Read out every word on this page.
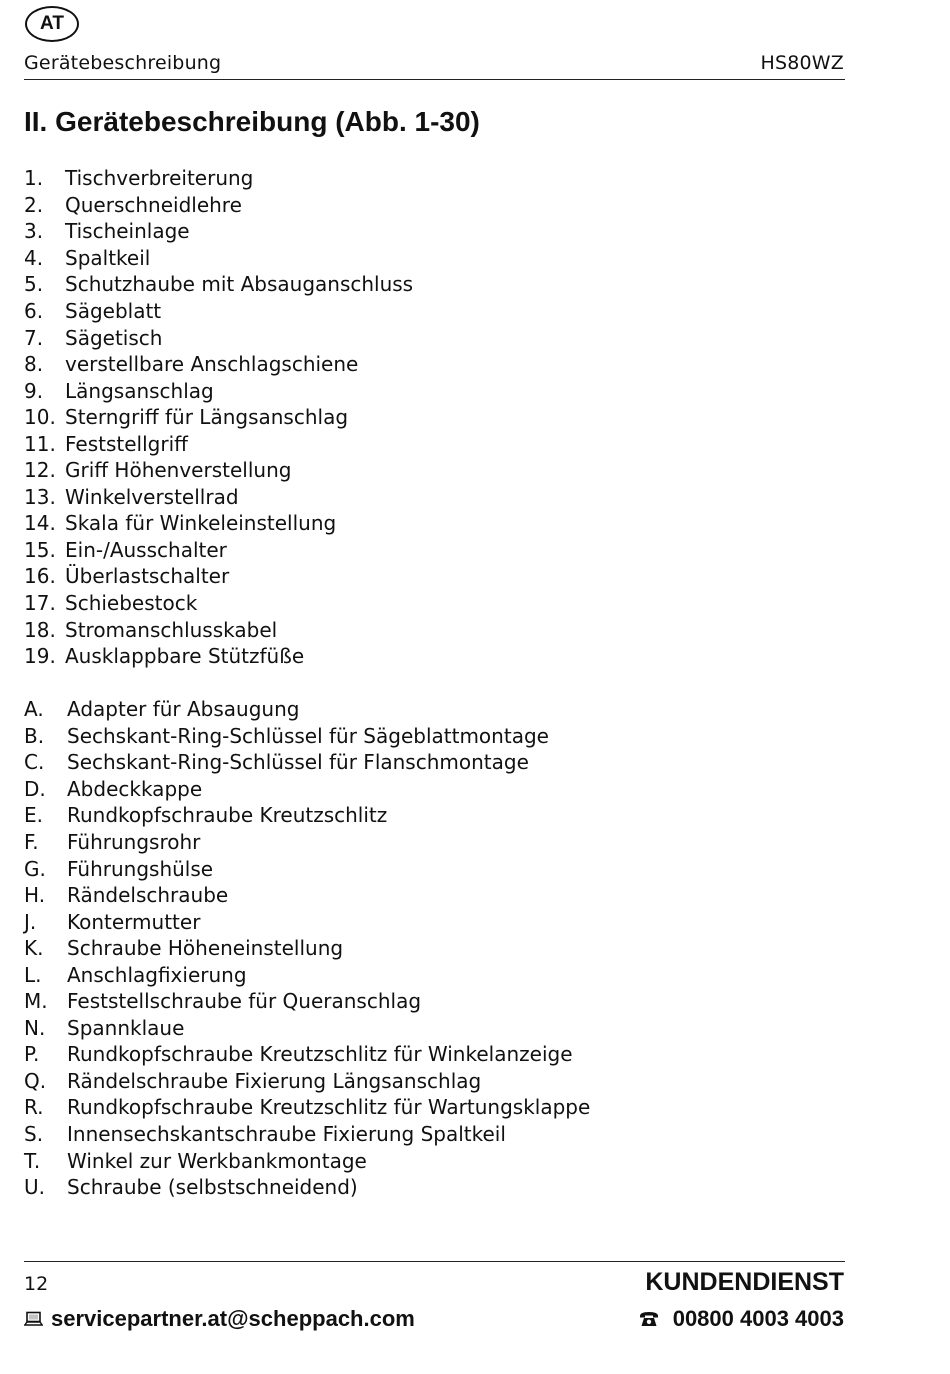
AT
Gerätebeschreibung	HS80WZ
II. Gerätebeschreibung (Abb. 1-30)
1.	Tischverbreiterung
2.	Querschneidlehre
3.	Tischeinlage
4.	Spaltkeil
5.	Schutzhaube mit Absauganschluss
6.	Sägeblatt
7.	Sägetisch
8.	verstellbare Anschlagschiene
9.	Längsanschlag
10. Sterngriff für Längsanschlag
11. Feststellgriff
12. Griff Höhenverstellung
13. Winkelverstellrad
14. Skala für Winkeleinstellung
15. Ein-/Ausschalter
16. Überlastschalter
17. Schiebestock
18. Stromanschlusskabel
19. Ausklappbare Stützfüße
A.	Adapter für Absaugung
B.	Sechskant-Ring-Schlüssel für Sägeblattmontage
C.	Sechskant-Ring-Schlüssel für Flanschmontage
D.	Abdeckkappe
E.	Rundkopfschraube Kreutzschlitz
F.	Führungsrohr
G.	Führungshülse
H.	Rändelschraube
J.	Kontermutter
K.	Schraube Höheneinstellung
L.	Anschlagfixierung
M. Feststellschraube für Queranschlag
N.	Spannklaue
P.	Rundkopfschraube Kreutzschlitz für Winkelanzeige
Q.	Rändelschraube Fixierung Längsanschlag
R.	Rundkopfschraube Kreutzschlitz für Wartungsklappe
S.	Innensechskantschraube Fixierung Spaltkeil
T.	Winkel zur Werkbankmontage
U.	Schraube (selbstschneidend)
12	KUNDENDIENST
servicepartner.at@scheppach.com	00800 4003 4003
